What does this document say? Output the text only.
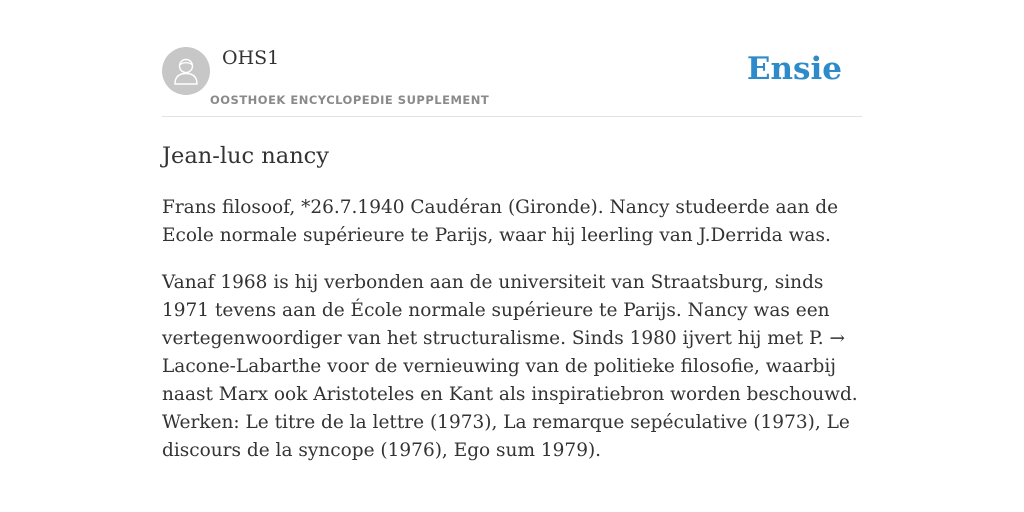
OHS1
OOSTHOEK ENCYCLOPEDIE SUPPLEMENT
Ensie
Jean-luc nancy

Frans filosoof, *26.7.1940 Caudéran (Gironde). Nancy studeerde aan de Ecole normale supérieure te Parijs, waar hij leerling van J.Derrida was.

Vanaf 1968 is hij verbonden aan de universiteit van Straatsburg, sinds 1971 tevens aan de École normale supérieure te Parijs. Nancy was een vertegenwoordiger van het structuralisme. Sinds 1980 ijvert hij met P. → Lacone-Labarthe voor de vernieuwing van de politieke filosofie, waarbij naast Marx ook Aristoteles en Kant als inspiratiebron worden beschouwd. Werken: Le titre de la lettre (1973), La remarque sepéculative (1973), Le discours de la syncope (1976), Ego sum 1979).
